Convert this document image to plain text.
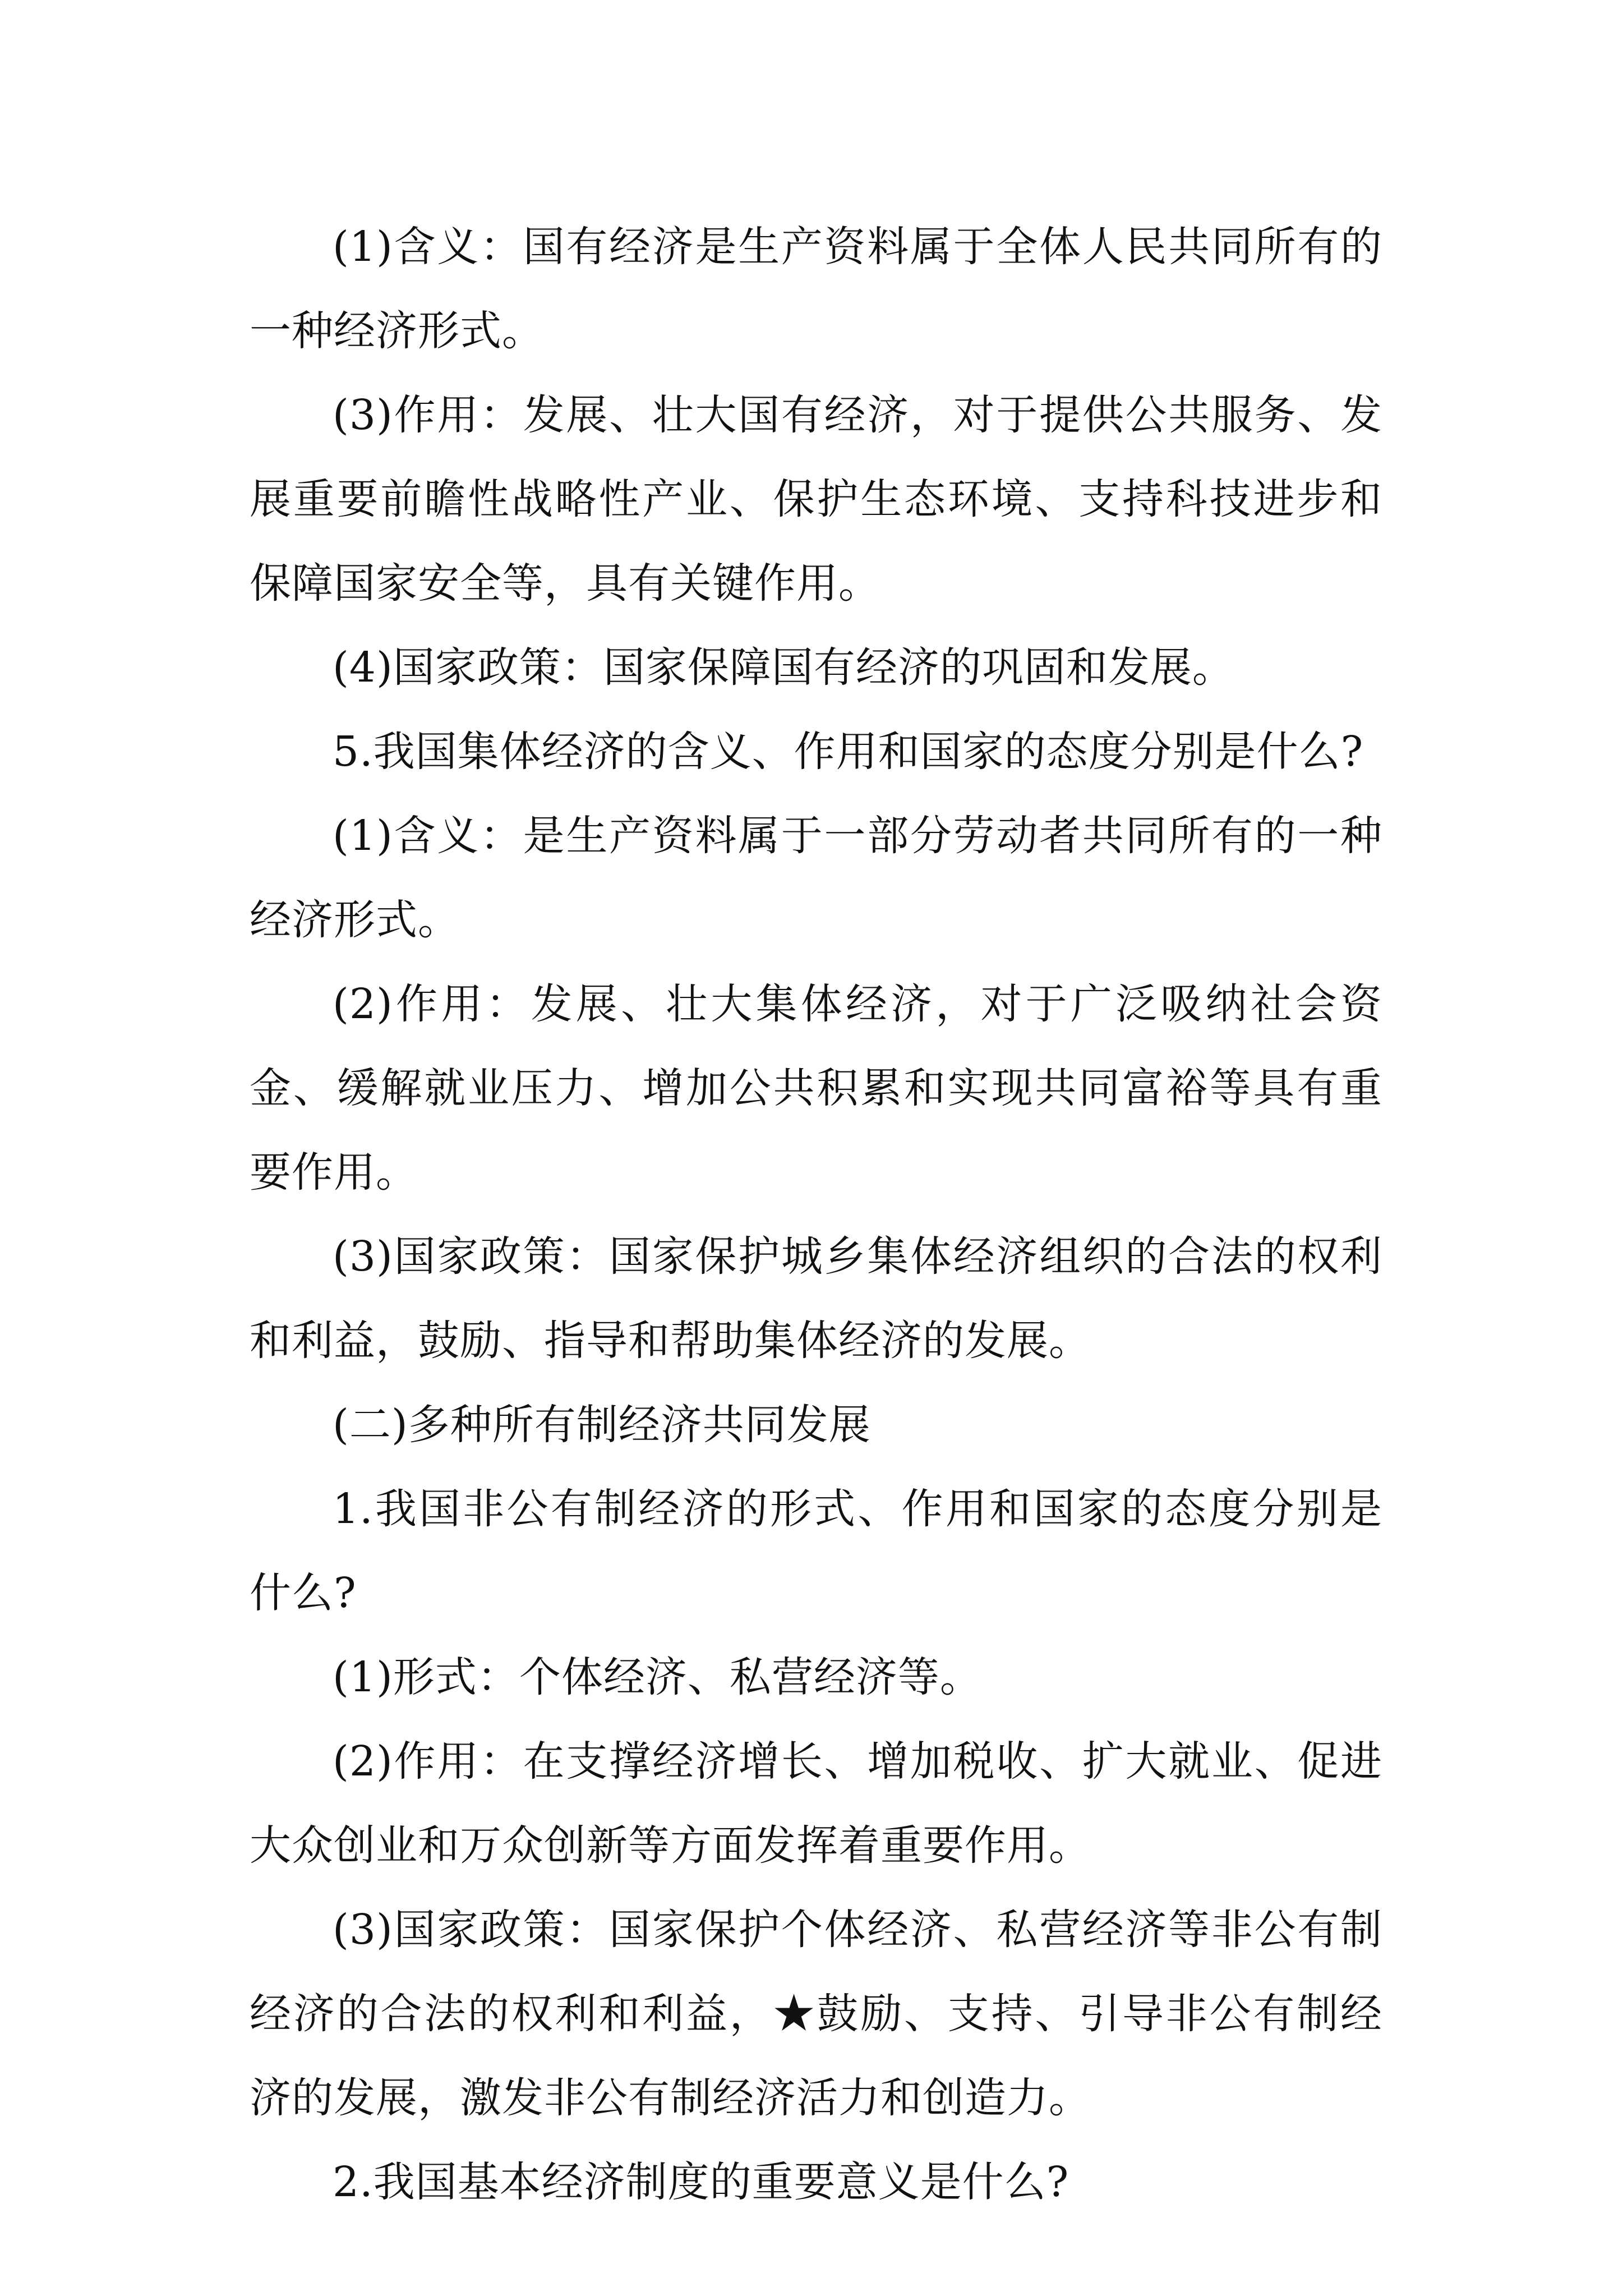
(1)含义：国有经济是生产资料属于全体人民共同所有的一种经济形式。

(3)作用：发展、壮大国有经济，对于提供公共服务、发展重要前瞻性战略性产业、保护生态环境、支持科技进步和保障国家安全等，具有关键作用。

(4)国家政策：国家保障国有经济的巩固和发展。

5.我国集体经济的含义、作用和国家的态度分别是什么?

(1)含义：是生产资料属于一部分劳动者共同所有的一种经济形式。

(2)作用：发展、壮大集体经济，对于广泛吸纳社会资金、缓解就业压力、增加公共积累和实现共同富裕等具有重要作用。

(3)国家政策：国家保护城乡集体经济组织的合法的权利和利益，鼓励、指导和帮助集体经济的发展。

(二)多种所有制经济共同发展

1.我国非公有制经济的形式、作用和国家的态度分别是什么?

(1)形式：个体经济、私营经济等。

(2)作用：在支撑经济增长、增加税收、扩大就业、促进大众创业和万众创新等方面发挥着重要作用。

(3)国家政策：国家保护个体经济、私营经济等非公有制经济的合法的权利和利益，★鼓励、支持、引导非公有制经济的发展，激发非公有制经济活力和创造力。

2.我国基本经济制度的重要意义是什么?
